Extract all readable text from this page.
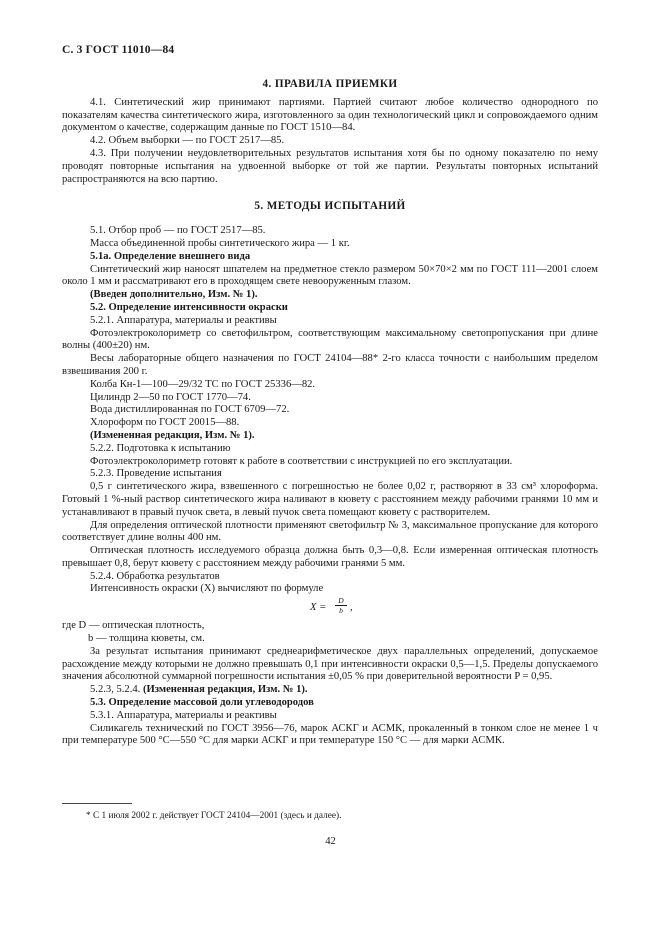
С. 3 ГОСТ 11010—84

4. ПРАВИЛА ПРИЕМКИ

4.1. Синтетический жир принимают партиями. Партией считают любое количество однородного по показателям качества синтетического жира, изготовленного за один технологический цикл и сопровождаемого одним документом о качестве, содержащим данные по ГОСТ 1510—84.

4.2. Объем выборки — по ГОСТ 2517—85.

4.3. При получении неудовлетворительных результатов испытания хотя бы по одному показателю по нему проводят повторные испытания на удвоенной выборке от той же партии. Результаты повторных испытаний распространяются на всю партию.

5. МЕТОДЫ ИСПЫТАНИЙ

5.1. Отбор проб — по ГОСТ 2517—85.

Масса объединенной пробы синтетического жира — 1 кг.

5.1а. Определение внешнего вида

Синтетический жир наносят шпателем на предметное стекло размером 50×70×2 мм по ГОСТ 111—2001 слоем около 1 мм и рассматривают его в проходящем свете невооруженным глазом.

(Введен дополнительно, Изм. № 1).

5.2. Определение интенсивности окраски

5.2.1. Аппаратура, материалы и реактивы

Фотоэлектроколориметр со светофильтром, соответствующим максимальному светопропускания при длине волны (400±20) нм.

Весы лабораторные общего назначения по ГОСТ 24104—88* 2-го класса точности с наибольшим пределом взвешивания 200 г.

Колба Кн-1—100—29/32 ТС по ГОСТ 25336—82.

Цилиндр 2—50 по ГОСТ 1770—74.

Вода дистиллированная по ГОСТ 6709—72.

Хлороформ по ГОСТ 20015—88.

(Измененная редакция, Изм. № 1).

5.2.2. Подготовка к испытанию

Фотоэлектроколориметр готовят к работе в соответствии с инструкцией по его эксплуатации.

5.2.3. Проведение испытания

0,5 г синтетического жира, взвешенного с погрешностью не более 0,02 г, растворяют в 33 см³ хлороформа. Готовый 1 %-ный раствор синтетического жира наливают в кювету с расстоянием между рабочими гранями 10 мм и устанавливают в правый пучок света, в левый пучок света помещают кювету с растворителем.

Для определения оптической плотности применяют светофильтр № 3, максимальное пропускание для которого соответствует длине волны 400 нм.

Оптическая плотность исследуемого образца должна быть 0,3—0,8. Если измеренная оптическая плотность превышает 0,8, берут кювету с расстоянием между рабочими гранями 5 мм.

5.2.4. Обработка результатов

Интенсивность окраски (X) вычисляют по формуле

$X = \frac{D}{b}$ ,

где D — оптическая плотность,

b — толщина кюветы, см.

За результат испытания принимают среднеарифметическое двух параллельных определений, допускаемое расхождение между которыми не должно превышать 0,1 при интенсивности окраски 0,5—1,5. Пределы допускаемого значения абсолютной суммарной погрешности испытания ±0,05 % при доверительной вероятности P = 0,95.

5.2.3, 5.2.4. (Измененная редакция, Изм. № 1).

5.3. Определение массовой доли углеводородов

5.3.1. Аппаратура, материалы и реактивы

Силикагель технический по ГОСТ 3956—76, марок АСКГ и АСМК, прокаленный в тонком слое не менее 1 ч при температуре 500 °С—550 °С для марки АСКГ и при температуре 150 °С — для марки АСМК.

* С 1 июля 2002 г. действует ГОСТ 24104—2001 (здесь и далее).
42
